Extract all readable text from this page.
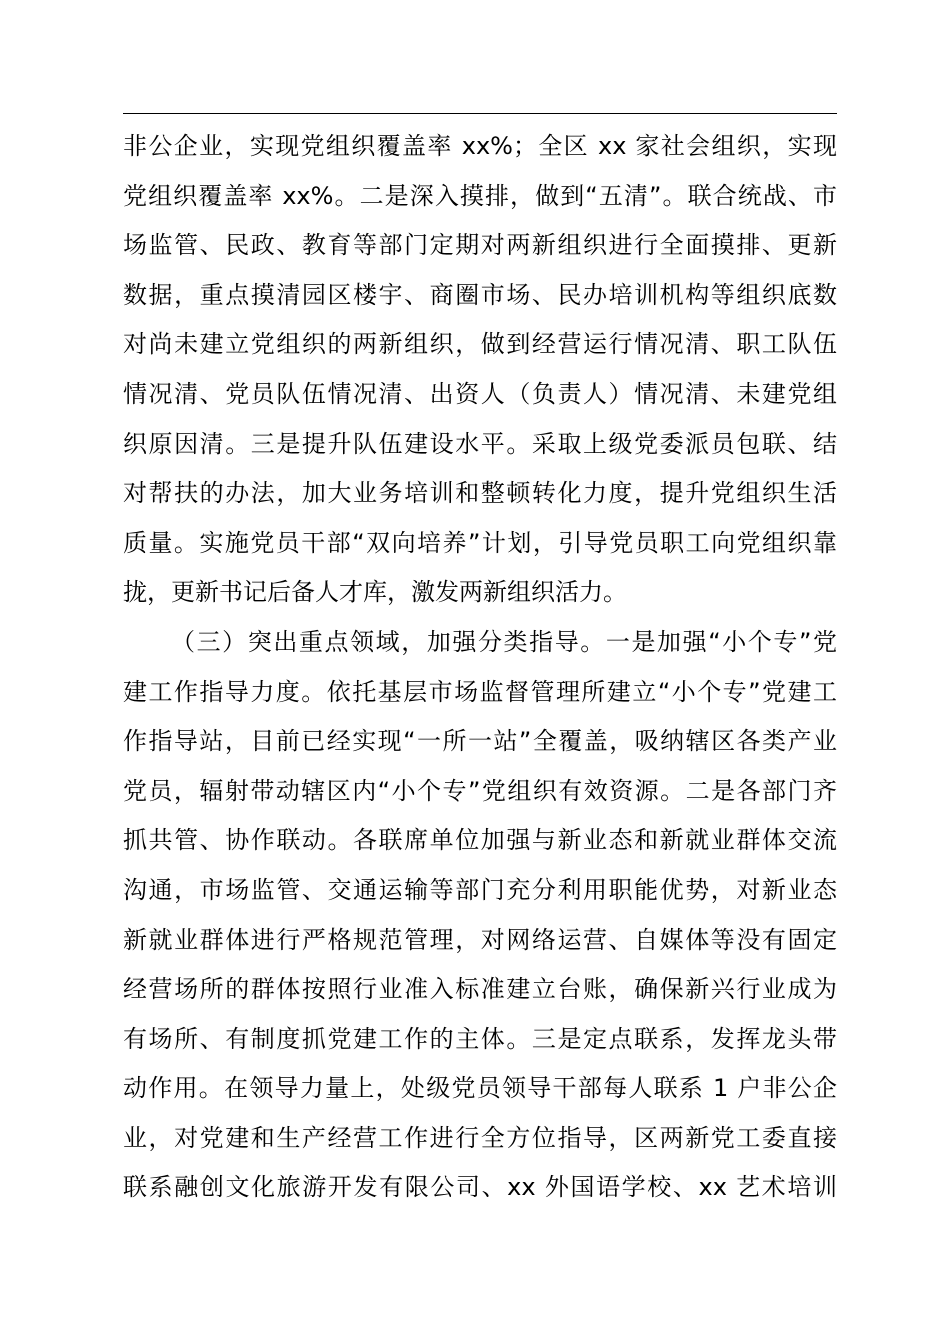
非公企业，实现党组织覆盖率 xx%；全区 xx 家社会组织，实现
党组织覆盖率 xx%。二是深入摸排，做到“五清”。联合统战、市
场监管、民政、教育等部门定期对两新组织进行全面摸排、更新
数据，重点摸清园区楼宇、商圈市场、民办培训机构等组织底数
对尚未建立党组织的两新组织，做到经营运行情况清、职工队伍
情况清、党员队伍情况清、出资人（负责人）情况清、未建党组
织原因清。三是提升队伍建设水平。采取上级党委派员包联、结
对帮扶的办法，加大业务培训和整顿转化力度，提升党组织生活
质量。实施党员干部“双向培养”计划，引导党员职工向党组织靠
拢，更新书记后备人才库，激发两新组织活力。
（三）突出重点领域，加强分类指导。一是加强“小个专”党
建工作指导力度。依托基层市场监督管理所建立“小个专”党建工
作指导站，目前已经实现“一所一站”全覆盖，吸纳辖区各类产业
党员，辐射带动辖区内“小个专”党组织有效资源。二是各部门齐
抓共管、协作联动。各联席单位加强与新业态和新就业群体交流
沟通，市场监管、交通运输等部门充分利用职能优势，对新业态
新就业群体进行严格规范管理，对网络运营、自媒体等没有固定
经营场所的群体按照行业准入标准建立台账，确保新兴行业成为
有场所、有制度抓党建工作的主体。三是定点联系，发挥龙头带
动作用。在领导力量上，处级党员领导干部每人联系 1 户非公企
业，对党建和生产经营工作进行全方位指导，区两新党工委直接
联系融创文化旅游开发有限公司、xx 外国语学校、xx 艺术培训
